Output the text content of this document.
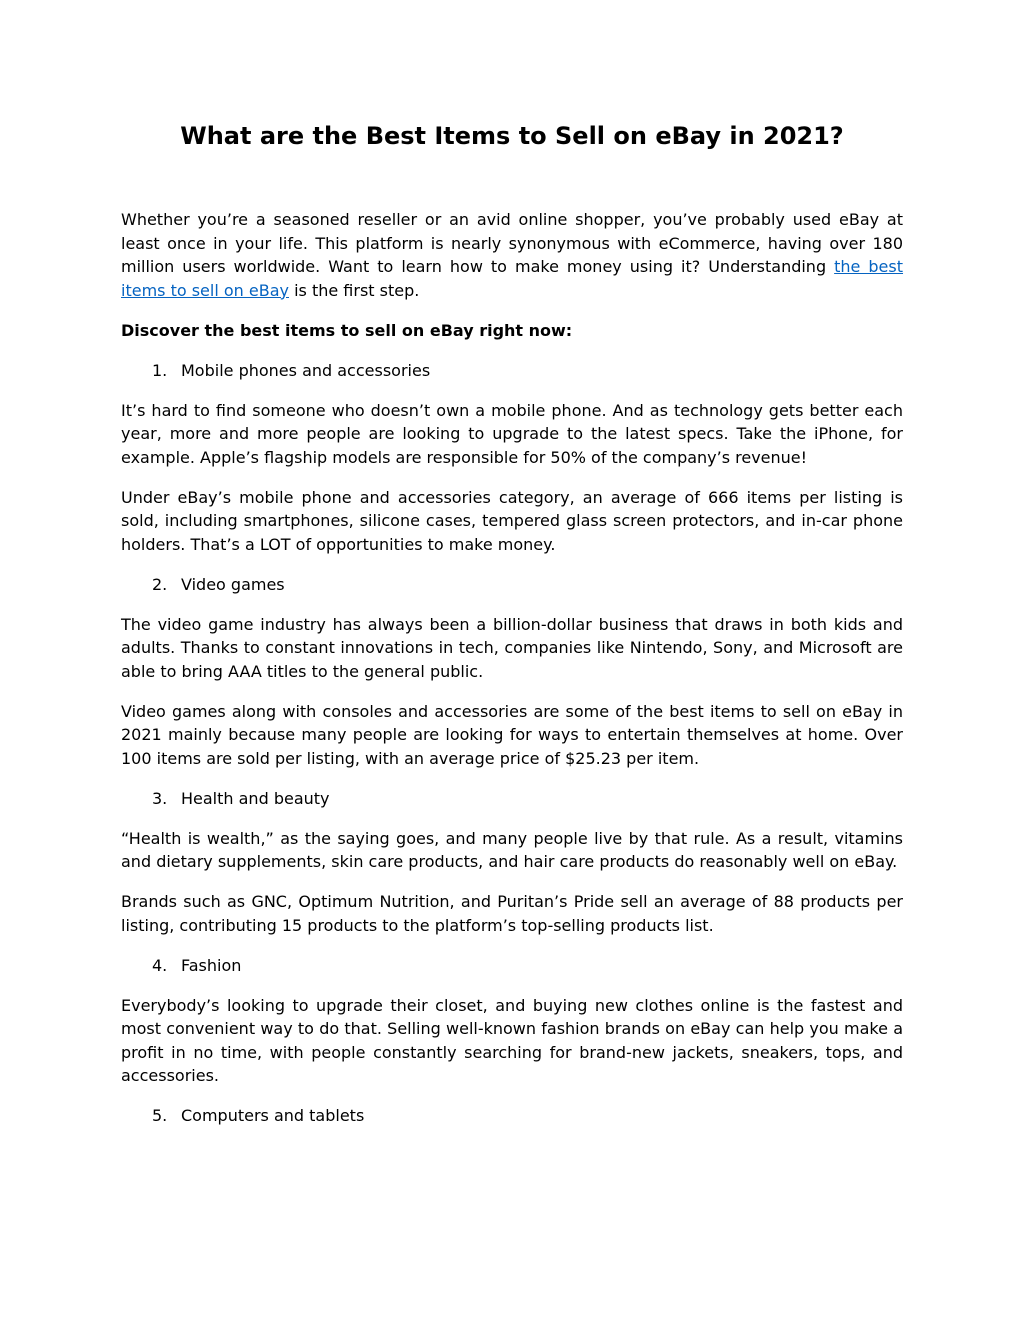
What are the Best Items to Sell on eBay in 2021?

Whether you’re a seasoned reseller or an avid online shopper, you’ve probably used eBay at least once in your life. This platform is nearly synonymous with eCommerce, having over 180 million users worldwide. Want to learn how to make money using it? Understanding the best items to sell on eBay is the first step.

Discover the best items to sell on eBay right now:

1. Mobile phones and accessories

It’s hard to find someone who doesn’t own a mobile phone. And as technology gets better each year, more and more people are looking to upgrade to the latest specs. Take the iPhone, for example. Apple’s flagship models are responsible for 50% of the company’s revenue!

Under eBay’s mobile phone and accessories category, an average of 666 items per listing is sold, including smartphones, silicone cases, tempered glass screen protectors, and in-car phone holders. That’s a LOT of opportunities to make money.

2. Video games

The video game industry has always been a billion-dollar business that draws in both kids and adults. Thanks to constant innovations in tech, companies like Nintendo, Sony, and Microsoft are able to bring AAA titles to the general public.

Video games along with consoles and accessories are some of the best items to sell on eBay in 2021 mainly because many people are looking for ways to entertain themselves at home. Over 100 items are sold per listing, with an average price of $25.23 per item.

3. Health and beauty

“Health is wealth,” as the saying goes, and many people live by that rule. As a result, vitamins and dietary supplements, skin care products, and hair care products do reasonably well on eBay.

Brands such as GNC, Optimum Nutrition, and Puritan’s Pride sell an average of 88 products per listing, contributing 15 products to the platform’s top-selling products list.

4. Fashion

Everybody’s looking to upgrade their closet, and buying new clothes online is the fastest and most convenient way to do that. Selling well-known fashion brands on eBay can help you make a profit in no time, with people constantly searching for brand-new jackets, sneakers, tops, and accessories.

5. Computers and tablets
